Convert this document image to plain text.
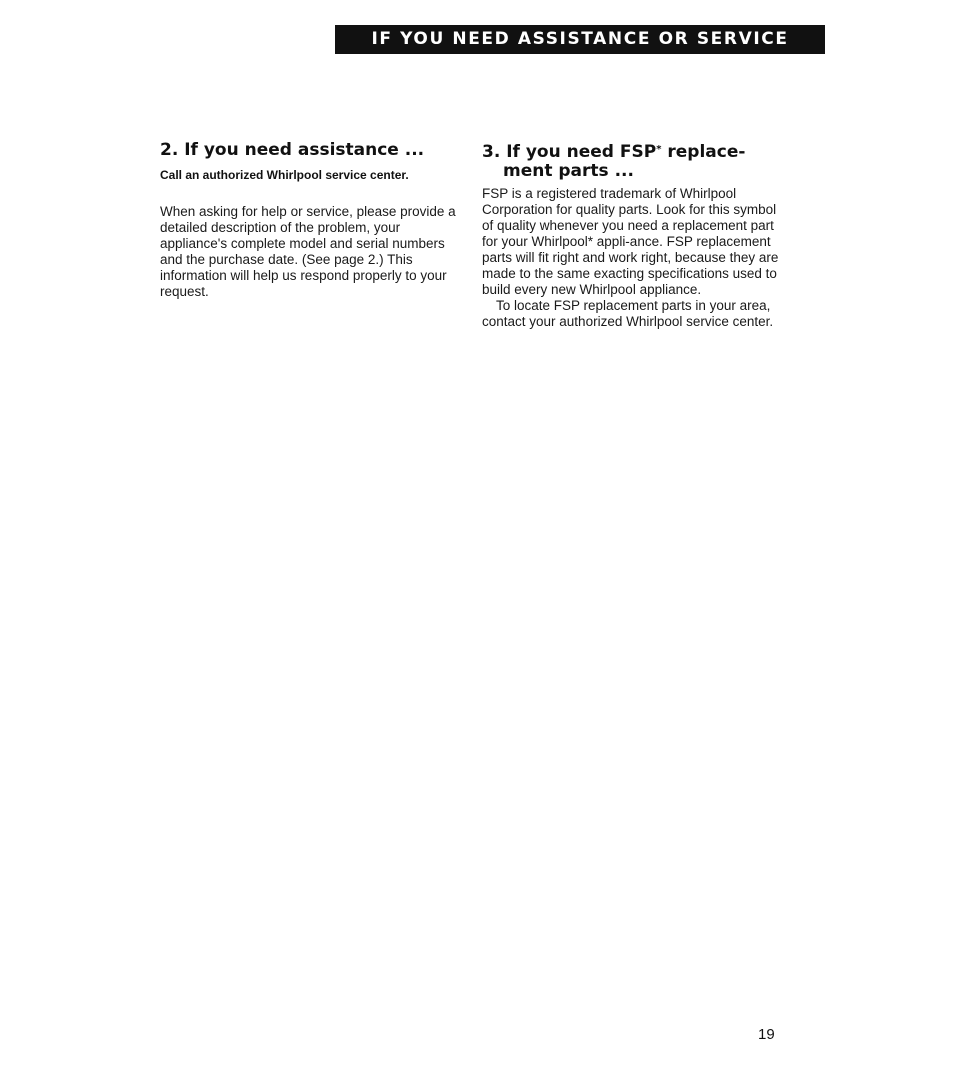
IF YOU NEED ASSISTANCE OR SERVICE
2. If you need assistance ...

Call an authorized Whirlpool service center.

When asking for help or service, please provide a detailed description of the problem, your appliance's complete model and serial numbers and the purchase date. (See page 2.) This information will help us respond properly to your request.

3. If you need FSP* replace-
ment parts ...

FSP is a registered trademark of Whirlpool Corporation for quality parts. Look for this symbol of quality whenever you need a replacement part for your Whirlpool* appli-ance. FSP replacement parts will fit right and work right, because they are made to the same exacting specifications used to build every new Whirlpool appliance.

To locate FSP replacement parts in your area, contact your authorized Whirlpool service center.

19
